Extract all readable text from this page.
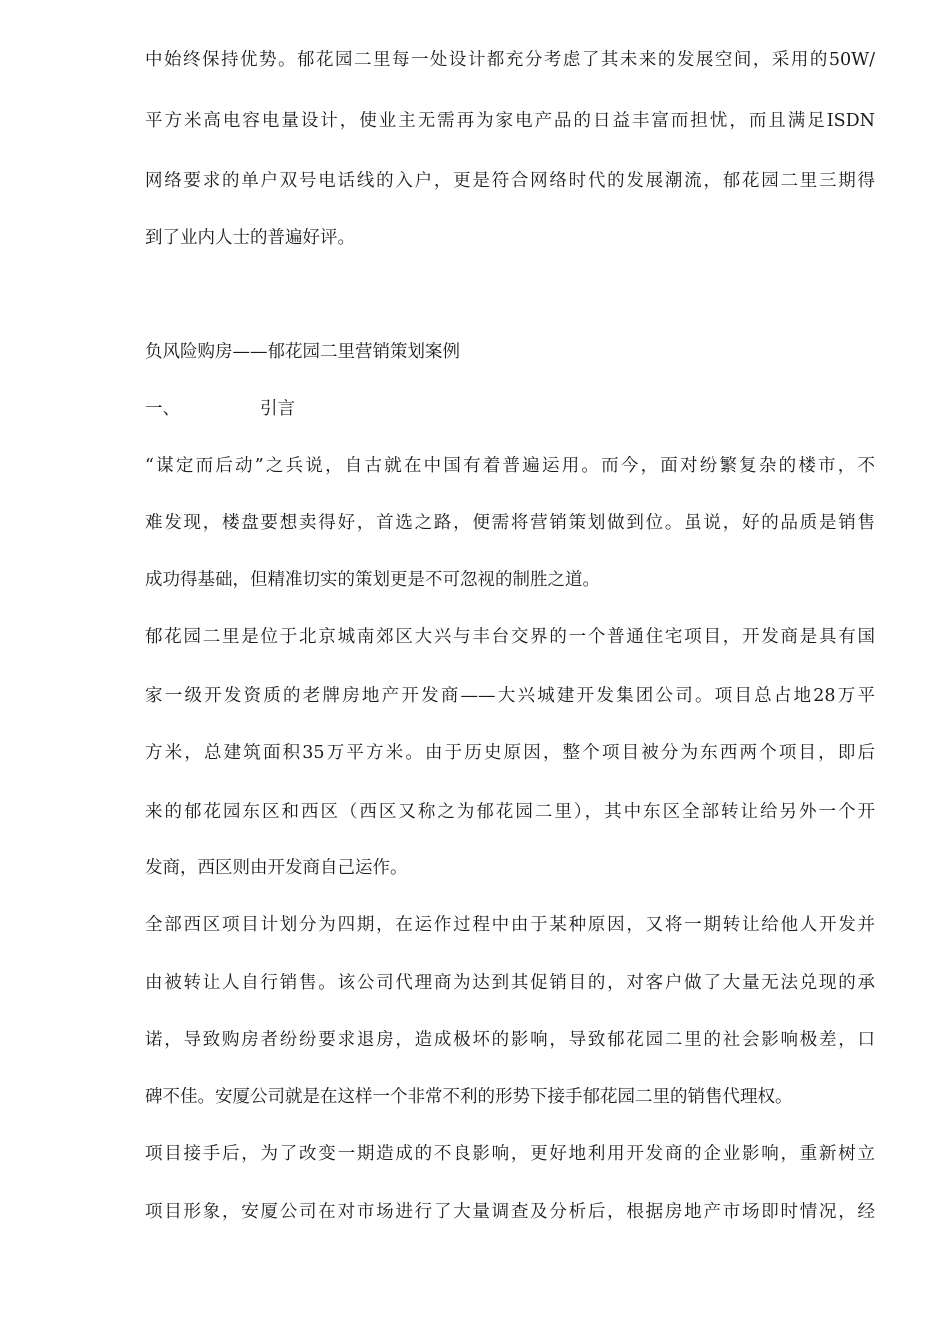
中始终保持优势。郁花园二里每一处设计都充分考虑了其未来的发展空间，采用的50W/
平方米高电容电量设计，使业主无需再为家电产品的日益丰富而担忧，而且满足ISDN
网络要求的单户双号电话线的入户，更是符合网络时代的发展潮流，郁花园二里三期得
到了业内人士的普遍好评。
负风险购房——郁花园二里营销策划案例
一、	引言
“谋定而后动”之兵说，自古就在中国有着普遍运用。而今，面对纷繁复杂的楼市，不
难发现，楼盘要想卖得好，首选之路，便需将营销策划做到位。虽说，好的品质是销售
成功得基础，但精准切实的策划更是不可忽视的制胜之道。
郁花园二里是位于北京城南郊区大兴与丰台交界的一个普通住宅项目，开发商是具有国
家一级开发资质的老牌房地产开发商——大兴城建开发集团公司。项目总占地28万平
方米，总建筑面积35万平方米。由于历史原因，整个项目被分为东西两个项目，即后
来的郁花园东区和西区（西区又称之为郁花园二里），其中东区全部转让给另外一个开
发商，西区则由开发商自己运作。
全部西区项目计划分为四期，在运作过程中由于某种原因，又将一期转让给他人开发并
由被转让人自行销售。该公司代理商为达到其促销目的，对客户做了大量无法兑现的承
诺，导致购房者纷纷要求退房，造成极坏的影响，导致郁花园二里的社会影响极差，口
碑不佳。安厦公司就是在这样一个非常不利的形势下接手郁花园二里的销售代理权。
项目接手后，为了改变一期造成的不良影响，更好地利用开发商的企业影响，重新树立
项目形象，安厦公司在对市场进行了大量调查及分析后，根据房地产市场即时情况，经
